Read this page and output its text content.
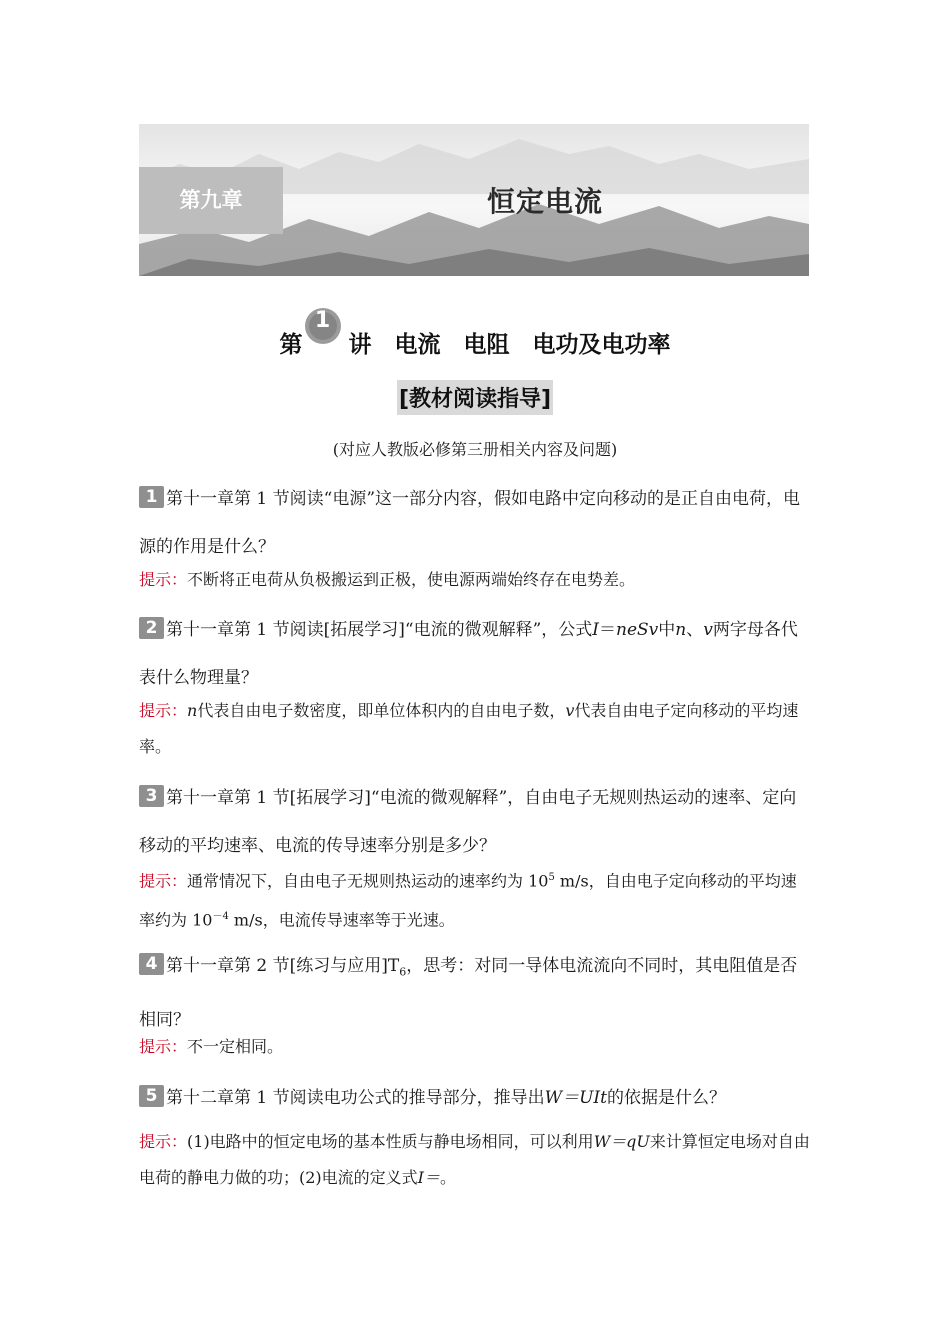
第九章	恒定电流
第
1
讲　电流　电阻　电功及电功率
[教材阅读指导]
(对应人教版必修第三册相关内容及问题)

1 第十一章第 1 节阅读“电源”这一部分内容，假如电路中定向移动的是正自由电荷，电源的作用是什么？

提示：不断将正电荷从负极搬运到正极，使电源两端始终存在电势差。

2 第十一章第 1 节阅读[拓展学习]“电流的微观解释”，公式I＝neSv中n、v两字母各代表什么物理量？

提示：n代表自由电子数密度，即单位体积内的自由电子数，v代表自由电子定向移动的平均速率。

3 第十一章第 1 节[拓展学习]“电流的微观解释”，自由电子无规则热运动的速率、定向移动的平均速率、电流的传导速率分别是多少？

提示：通常情况下，自由电子无规则热运动的速率约为 $10^5$ m/s，自由电子定向移动的平均速率约为 $10^{-4}$ m/s，电流传导速率等于光速。

4 第十一章第 2 节[练习与应用]$T_6$，思考：对同一导体电流流向不同时，其电阻值是否相同？

提示：不一定相同。

5 第十二章第 1 节阅读电功公式的推导部分，推导出W＝UIt的依据是什么？

提示：(1)电路中的恒定电场的基本性质与静电场相同，可以利用W＝qU来计算恒定电场对自由电荷的静电力做的功；(2)电流的定义式I＝。
